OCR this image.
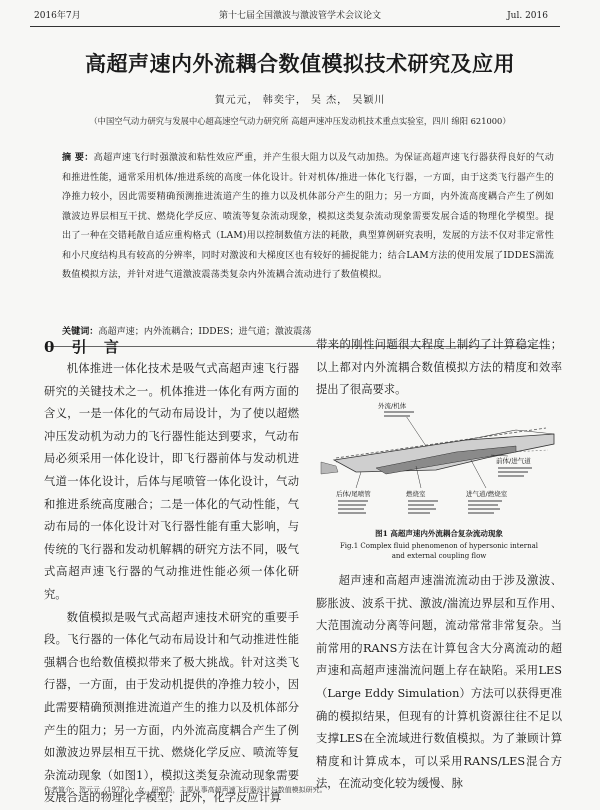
2016年7月	第十七届全国激波与激波管学术会议论文	Jul. 2016
高超声速内外流耦合数值模拟技术研究及应用
賀元元， 韩奕宇， 吴 杰， 吴颖川
（中国空气动力研究与发展中心超高速空气动力研究所 高超声速冲压发动机技术重点实验室，四川 绵阳 621000）
摘 要：高超声速飞行时强激波和粘性效应严重，并产生很大阻力以及气动加热。为保证高超声速飞行器获得良好的气动和推进性能，通常采用机体/推进系统的高度一体化设计。针对机体/推进一体化飞行器，一方面，由于这类飞行器产生的净推力较小，因此需要精确预测推进流道产生的推力以及机体部分产生的阻力；另一方面，内外流高度耦合产生了例如激波边界层相互干扰、燃烧化学反应、喷流等复杂流动现象，模拟这类复杂流动现象需要发展合适的物理化学模型。提出了一种在交错耗散自适应重构格式（LAM)用以控制数值方法的耗散，典型算例研究表明，发展的方法不仅对非定常性和小尺度结构具有较高的分辨率，同时对激波和大梯度区也有较好的捕捉能力；结合LAM方法的使用发展了IDDES湍流数值模拟方法，并针对进气道激波震荡类复杂内外流耦合流动进行了数值模拟。
关键词：高超声速；内外流耦合；IDDES；进气道；激波震荡
0 引 言

机体推进一体化技术是吸气式高超声速飞行器研究的关键技术之一。机体推进一体化有两方面的含义，一是一体化的气动布局设计，为了使以超燃冲压发动机为动力的飞行器性能达到要求，气动布局必须采用一体化设计，即飞行器前体与发动机进气道一体化设计，后体与尾喷管一体化设计，气动和推进系统高度融合；二是一体化的气动性能，气动布局的一体化设计对飞行器性能有重大影响，与传统的飞行器和发动机解耦的研究方法不同，吸气式高超声速飞行器的气动推进性能必须一体化研究。

数值模拟是吸气式高超声速技术研究的重要手段。飞行器的一体化气动布局设计和气动推进性能强耦合也给数值模拟带来了极大挑战。针对这类飞行器，一方面，由于发动机提供的净推力较小，因此需要精确预测推进流道产生的推力以及机体部分产生的阻力；另一方面，内外流高度耦合产生了例如激波边界层相互干扰、燃烧化学反应、喷流等复杂流动现象（如图1），模拟这类复杂流动现象需要发展合适的物理化学模型；此外，化学反应计算

带来的刚性问题很大程度上制约了计算稳定性；以上都对内外流耦合数值模拟方法的精度和效率提出了很高要求。

外流/机体
前体/进气道
后体/尾喷管	燃烧室	进气道/燃烧室
图1 高超声速内外流耦合复杂流动现象
Fig.1 Complex fluid phenomenon of hypersonic internal
and external coupling flow

超声速和高超声速湍流流动由于涉及激波、膨胀波、波系干扰、激波/湍流边界层和互作用、大范围流动分离等问题，流动常常非常复杂。当前常用的RANS方法在计算包含大分离流动的超声速和高超声速湍流问题上存在缺陷。采用LES（Large Eddy Simulation）方法可以获得更准确的模拟结果，但现有的计算机资源往往不足以支撑LES在全流域进行数值模拟。为了兼顾计算精度和计算成本，可以采用RANS/LES混合方法，在流动变化较为缓慢、脉

作者简介：贺元元（1978-），女，研究员，主要从事高超声速飞行器设计与数值模拟研究。
